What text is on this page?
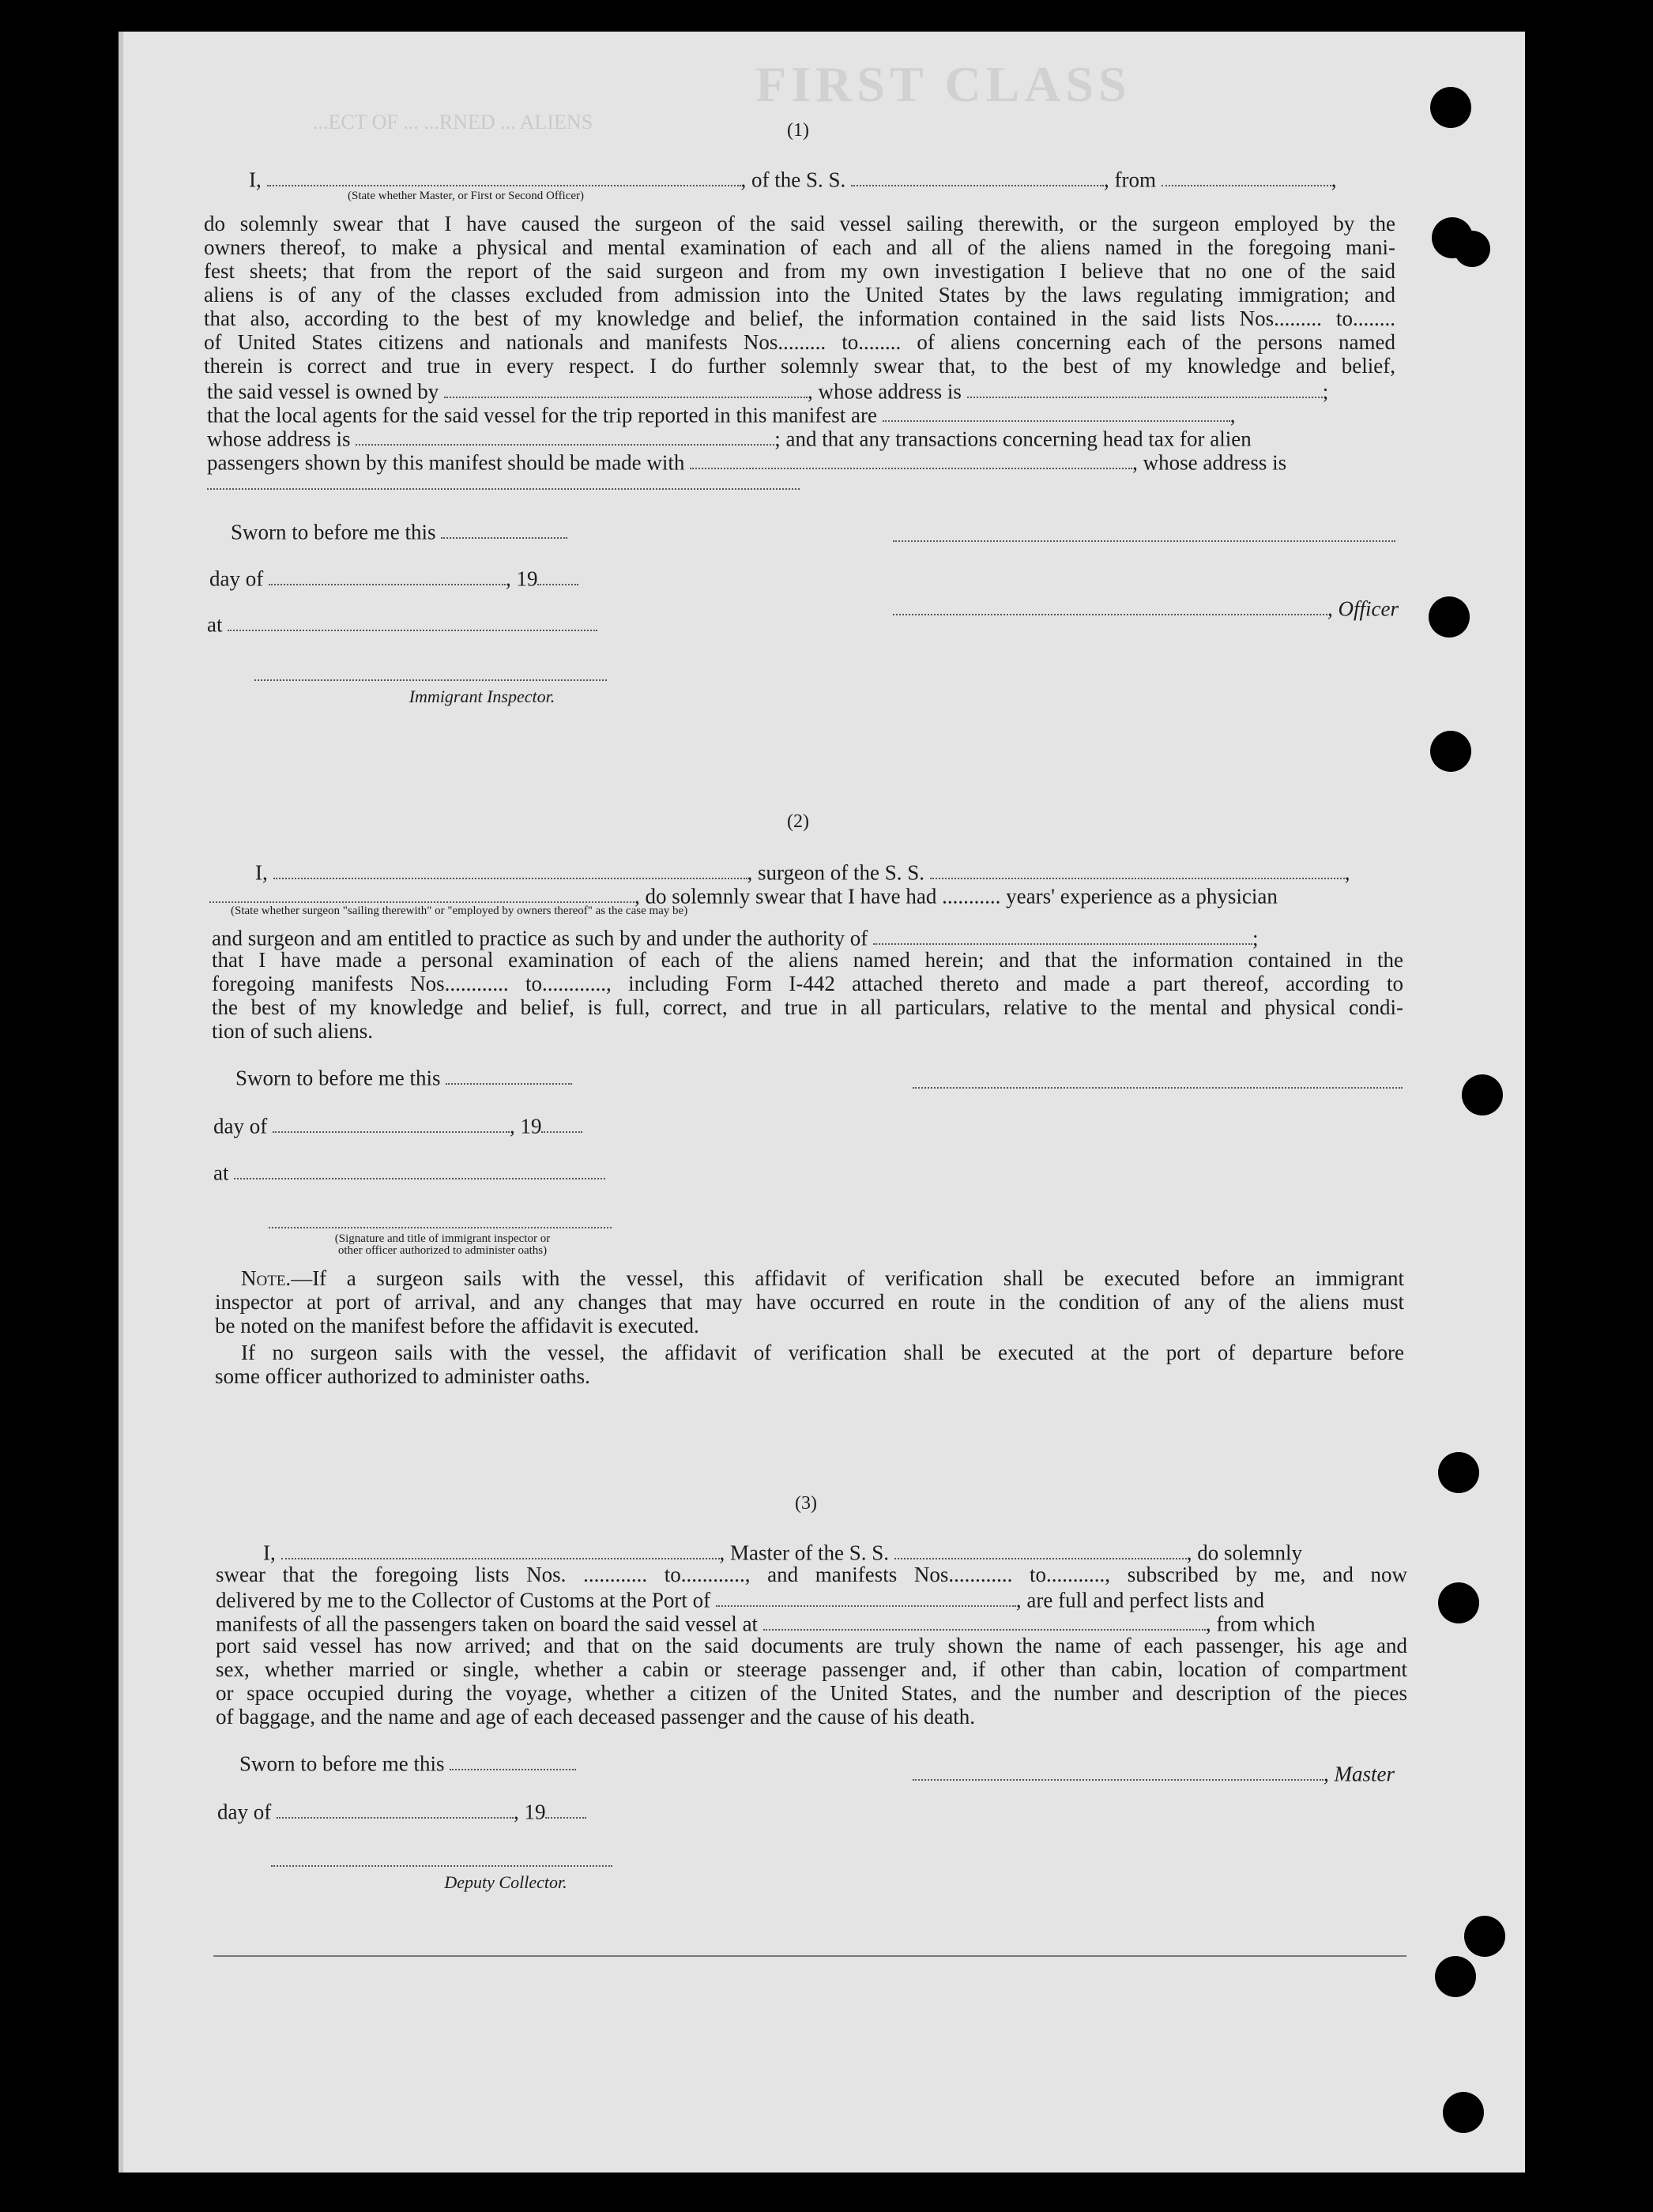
FIRST CLASS
...ECT OF ... ...RNED ... ALIENS	(1)
I,	, of the S. S.	, from	,
(State whether Master, or First or Second Officer)
do solemnly swear that I have caused the surgeon of the said vessel sailing therewith, or the surgeon employed by the
owners thereof, to make a physical and mental examination of each and all of the aliens named in the foregoing mani-
fest sheets; that from the report of the said surgeon and from my own investigation I believe that no one of the said
aliens is of any of the classes excluded from admission into the United States by the laws regulating immigration; and
that also, according to the best of my knowledge and belief, the information contained in the said lists Nos......... to........
of United States citizens and nationals and manifests Nos......... to........ of aliens concerning each of the persons named
therein is correct and true in every respect. I do further solemnly swear that, to the best of my knowledge and belief,
the said vessel is owned by	, whose address is	;
that the local agents for the said vessel for the trip reported in this manifest are	,
whose address is	; and that any transactions concerning head tax for alien
passengers shown by this manifest should be made with	, whose address is
Sworn to before me this
day of	, 19
at
, Officer
Immigrant Inspector.
(2)
I,	, surgeon of the S. S.	,
, do solemnly swear that I have had ........... years' experience as a physician
(State whether surgeon "sailing therewith" or "employed by owners thereof" as the case may be)
and surgeon and am entitled to practice as such by and under the authority of	;
that I have made a personal examination of each of the aliens named herein; and that the information contained in the
foregoing manifests Nos............ to............, including Form I-442 attached thereto and made a part thereof, according to
the best of my knowledge and belief, is full, correct, and true in all particulars, relative to the mental and physical condi-
tion of such aliens.
Sworn to before me this
day of	, 19
at
(Signature and title of immigrant inspector or
other officer authorized to administer oaths)
Note.—If a surgeon sails with the vessel, this affidavit of verification shall be executed before an immigrant
inspector at port of arrival, and any changes that may have occurred en route in the condition of any of the aliens must
be noted on the manifest before the affidavit is executed.
If no surgeon sails with the vessel, the affidavit of verification shall be executed at the port of departure before
some officer authorized to administer oaths.
(3)
I,	, Master of the S. S.	, do solemnly
swear that the foregoing lists Nos. ............ to............, and manifests Nos............ to..........., subscribed by me, and now
delivered by me to the Collector of Customs at the Port of	, are full and perfect lists and
manifests of all the passengers taken on board the said vessel at	, from which
port said vessel has now arrived; and that on the said documents are truly shown the name of each passenger, his age and
sex, whether married or single, whether a cabin or steerage passenger and, if other than cabin, location of compartment
or space occupied during the voyage, whether a citizen of the United States, and the number and description of the pieces
of baggage, and the name and age of each deceased passenger and the cause of his death.
Sworn to before me this	, Master
day of	, 19
Deputy Collector.
